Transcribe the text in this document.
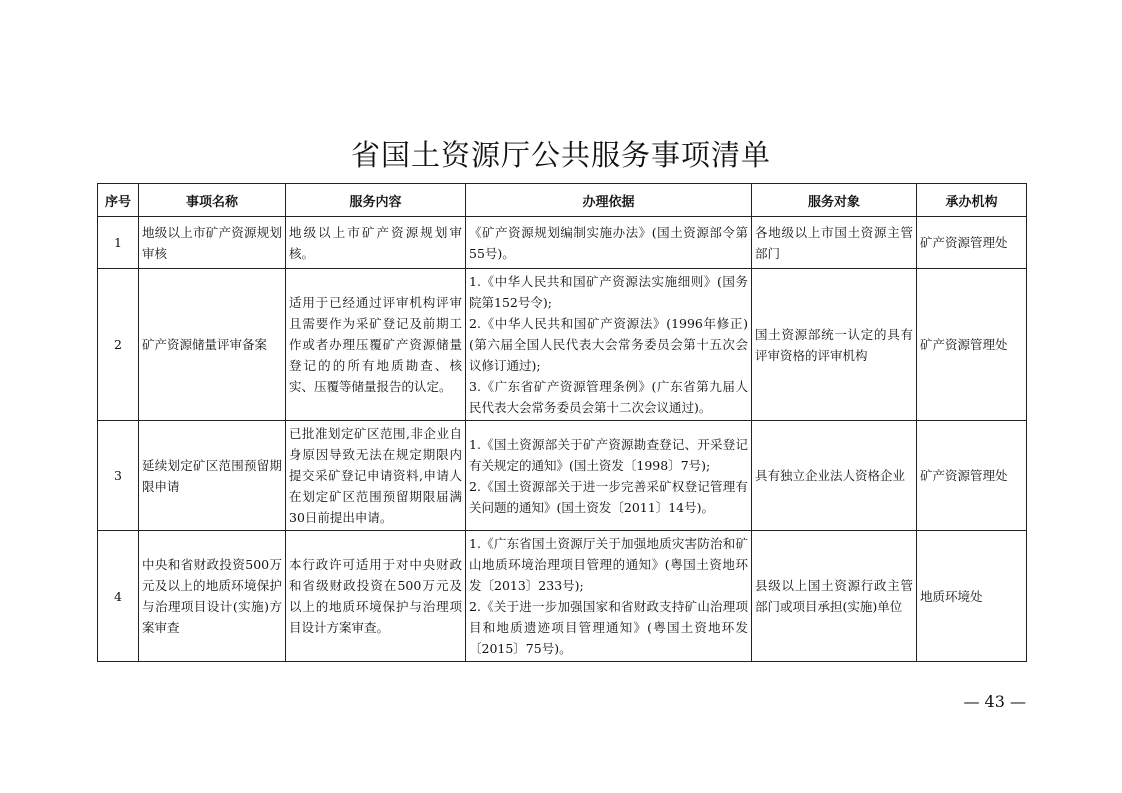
省国土资源厅公共服务事项清单
序号	事项名称	服务内容	办理依据	服务对象	承办机构
1	地级以上市矿产资源规划审核	地级以上市矿产资源规划审核。	《矿产资源规划编制实施办法》(国土资源部令第55号)。	各地级以上市国土资源主管部门	矿产资源管理处
2	矿产资源储量评审备案	适用于已经通过评审机构评审且需要作为采矿登记及前期工作或者办理压覆矿产资源储量登记的的所有地质勘查、核实、压覆等储量报告的认定。	1.《中华人民共和国矿产资源法实施细则》(国务院第152号令);
2.《中华人民共和国矿产资源法》(1996年修正)(第六届全国人民代表大会常务委员会第十五次会议修订通过);
3.《广东省矿产资源管理条例》(广东省第九届人民代表大会常务委员会第十二次会议通过)。	国土资源部统一认定的具有评审资格的评审机构	矿产资源管理处
3	延续划定矿区范围预留期限申请	已批准划定矿区范围,非企业自身原因导致无法在规定期限内提交采矿登记申请资料,申请人在划定矿区范围预留期限届满30日前提出申请。	1.《国土资源部关于矿产资源勘查登记、开采登记有关规定的通知》(国土资发〔1998〕7号);
2.《国土资源部关于进一步完善采矿权登记管理有关问题的通知》(国土资发〔2011〕14号)。	具有独立企业法人资格企业	矿产资源管理处
4	中央和省财政投资500万元及以上的地质环境保护与治理项目设计(实施)方案审查	本行政许可适用于对中央财政和省级财政投资在500万元及以上的地质环境保护与治理项目设计方案审查。	1.《广东省国土资源厅关于加强地质灾害防治和矿山地质环境治理项目管理的通知》(粤国土资地环发〔2013〕233号);
2.《关于进一步加强国家和省财政支持矿山治理项目和地质遗迹项目管理通知》(粤国土资地环发〔2015〕75号)。	县级以上国土资源行政主管部门或项目承担(实施)单位	地质环境处
— 43 —
